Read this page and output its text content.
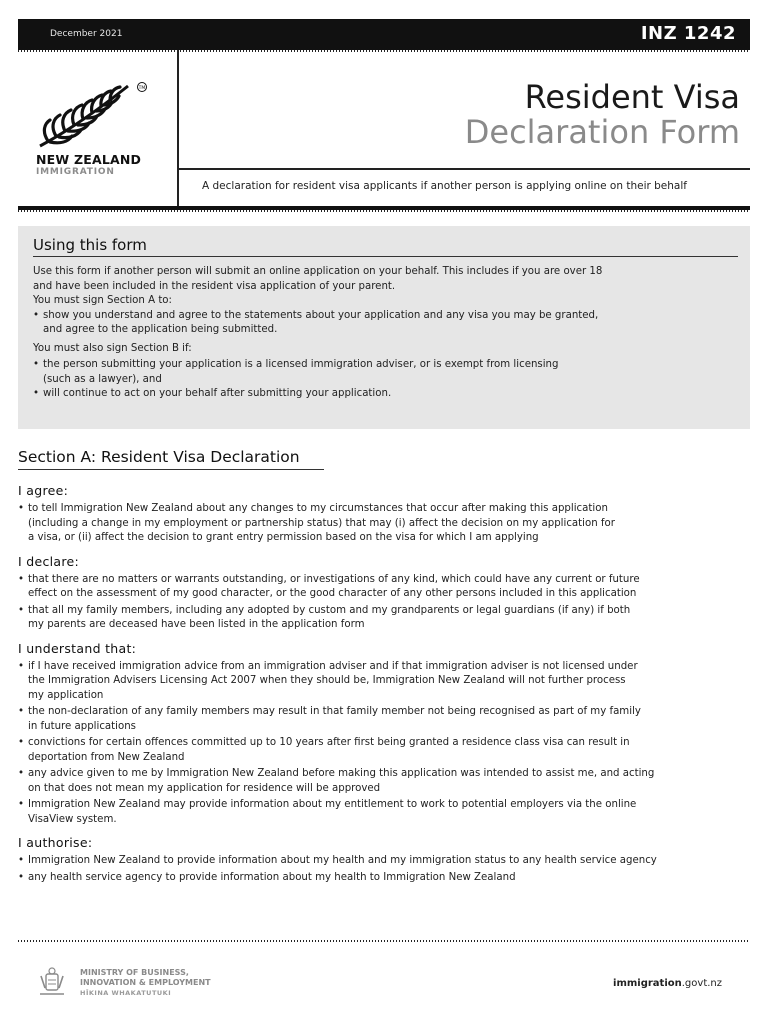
December 2021	INZ 1242
TM
NEW ZEALAND
IMMIGRATION
Resident Visa
Declaration Form
A declaration for resident visa applicants if another person is applying online on their behalf
Using this form
Use this form if another person will submit an online application on your behalf. This includes if you are over 18
and have been included in the resident visa application of your parent.
You must sign Section A to:
• show you understand and agree to the statements about your application and any visa you may be granted,
and agree to the application being submitted.
You must also sign Section B if:
• the person submitting your application is a licensed immigration adviser, or is exempt from licensing
(such as a lawyer), and
• will continue to act on your behalf after submitting your application.
Section A: Resident Visa Declaration
I agree:
• to tell Immigration New Zealand about any changes to my circumstances that occur after making this application
(including a change in my employment or partnership status) that may (i) affect the decision on my application for
a visa, or (ii) affect the decision to grant entry permission based on the visa for which I am applying
I declare:
• that there are no matters or warrants outstanding, or investigations of any kind, which could have any current or future
effect on the assessment of my good character, or the good character of any other persons included in this application
• that all my family members, including any adopted by custom and my grandparents or legal guardians (if any) if both
my parents are deceased have been listed in the application form
I understand that:
• if I have received immigration advice from an immigration adviser and if that immigration adviser is not licensed under
the Immigration Advisers Licensing Act 2007 when they should be, Immigration New Zealand will not further process
my application
• the non-declaration of any family members may result in that family member not being recognised as part of my family
in future applications
• convictions for certain offences committed up to 10 years after first being granted a residence class visa can result in
deportation from New Zealand
• any advice given to me by Immigration New Zealand before making this application was intended to assist me, and acting
on that does not mean my application for residence will be approved
• Immigration New Zealand may provide information about my entitlement to work to potential employers via the online
VisaView system.
I authorise:
• Immigration New Zealand to provide information about my health and my immigration status to any health service agency
• any health service agency to provide information about my health to Immigration New Zealand
MINISTRY OF BUSINESS,
INNOVATION & EMPLOYMENT
HĪKINA WHAKATUTUKI
immigration.govt.nz
